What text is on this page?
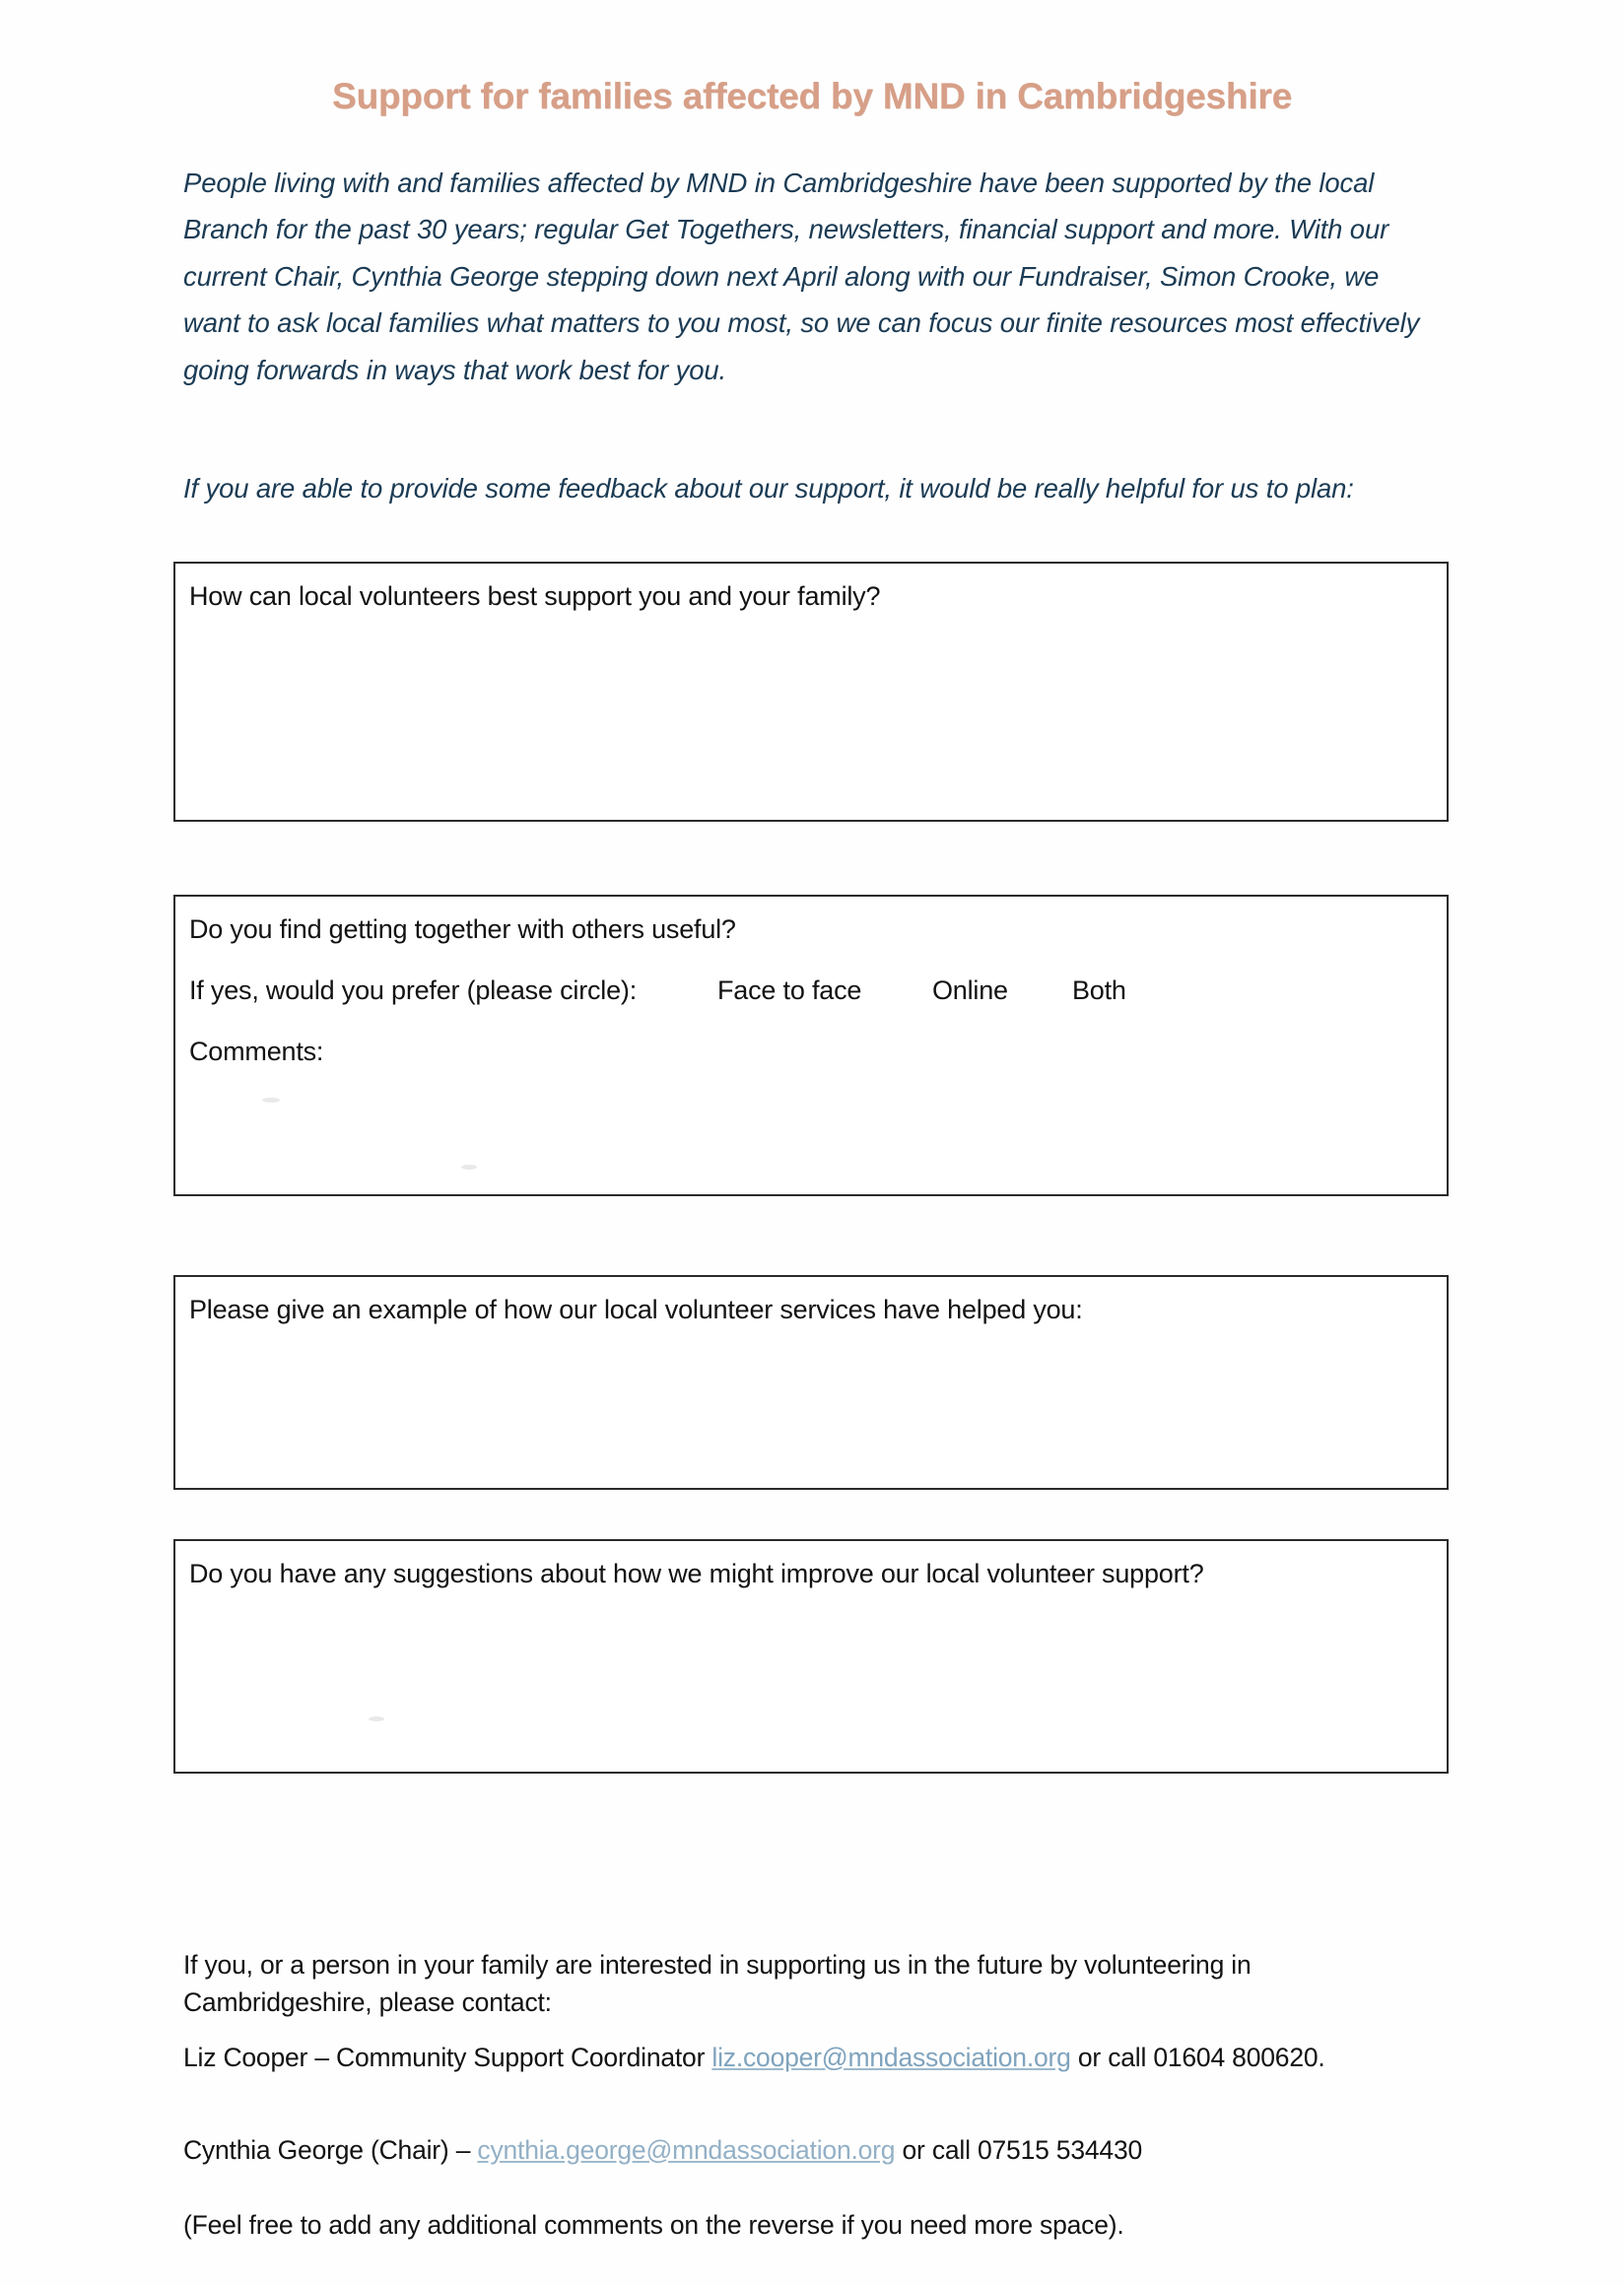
Support for families affected by MND in Cambridgeshire

People living with and families affected by MND in Cambridgeshire have been supported by the local Branch for the past 30 years; regular Get Togethers, newsletters, financial support and more. With our current Chair, Cynthia George stepping down next April along with our Fundraiser, Simon Crooke, we want to ask local families what matters to you most, so we can focus our finite resources most effectively going forwards in ways that work best for you.

If you are able to provide some feedback about our support, it would be really helpful for us to plan:

How can local volunteers best support you and your family?
Do you find getting together with others useful?
If yes, would you prefer (please circle):	Face to face	Online Both
Comments:
Please give an example of how our local volunteer services have helped you:
Do you have any suggestions about how we might improve our local volunteer support?

If you, or a person in your family are interested in supporting us in the future by volunteering in Cambridgeshire, please contact:

Liz Cooper – Community Support Coordinator liz.cooper@mndassociation.org or call 01604 800620.

Cynthia George (Chair) – cynthia.george@mndassociation.org or call 07515 534430

(Feel free to add any additional comments on the reverse if you need more space).
